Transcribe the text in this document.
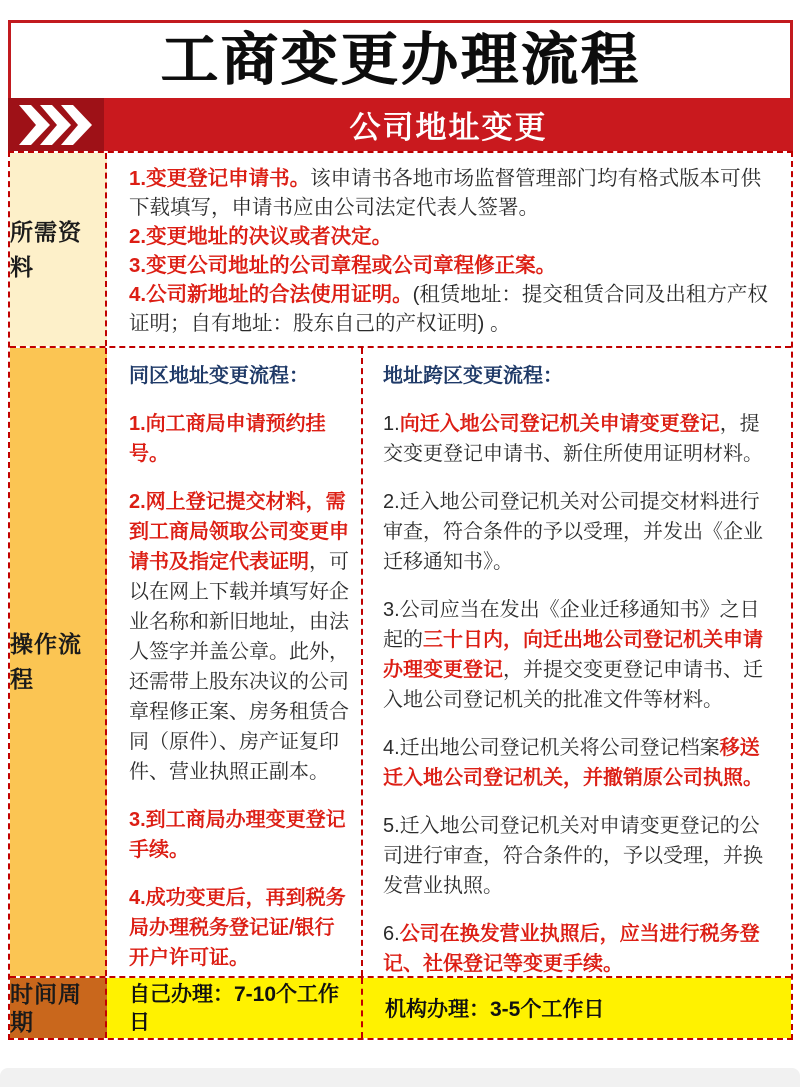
工商变更办理流程
公司地址变更
所需资料

1.变更登记申请书。该申请书各地市场监督管理部门均有格式版本可供下载填写，申请书应由公司法定代表人签署。

2.变更地址的决议或者决定。

3.变更公司地址的公司章程或公司章程修正案。

4.公司新地址的合法使用证明。(租赁地址：提交租赁合同及出租方产权证明；自有地址：股东自己的产权证明) 。

操作流程

同区地址变更流程：

1.向工商局申请预约挂号。

2.网上登记提交材料，需到工商局领取公司变更申请书及指定代表证明，可以在网上下载并填写好企业名称和新旧地址，由法人签字并盖公章。此外，还需带上股东决议的公司章程修正案、房务租赁合同（原件）、房产证复印件、营业执照正副本。

3.到工商局办理变更登记手续。

4.成功变更后，再到税务局办理税务登记证/银行开户许可证。

地址跨区变更流程：

1.向迁入地公司登记机关申请变更登记，提交变更登记申请书、新住所使用证明材料。

2.迁入地公司登记机关对公司提交材料进行审查，符合条件的予以受理，并发出《企业迁移通知书》。

3.公司应当在发出《企业迁移通知书》之日起的三十日内，向迁出地公司登记机关申请办理变更登记，并提交变更登记申请书、迁入地公司登记机关的批准文件等材料。

4.迁出地公司登记机关将公司登记档案移送迁入地公司登记机关，并撤销原公司执照。

5.迁入地公司登记机关对申请变更登记的公司进行审查，符合条件的，予以受理，并换发营业执照。

6.公司在换发营业执照后，应当进行税务登记、社保登记等变更手续。

时间周期
自己办理：7-10个工作日
机构办理：3-5个工作日
